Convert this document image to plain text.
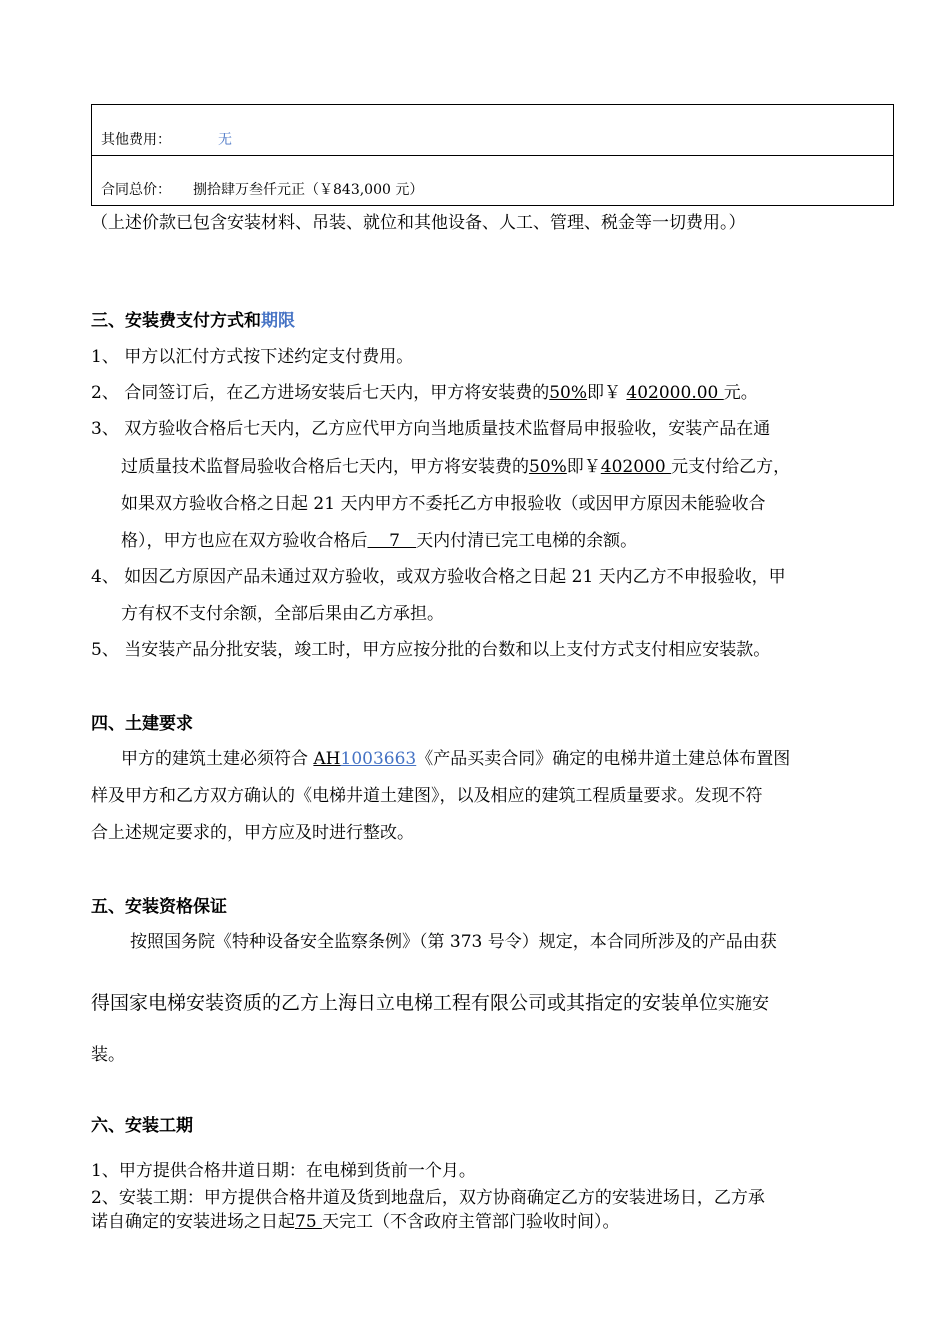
其他费用：	无
合同总价： 捌拾肆万叁仟元正（￥843,000 元）
（上述价款已包含安装材料、吊装、就位和其他设备、人工、管理、税金等一切费用。）
三、安装费支付方式和期限
1、 甲方以汇付方式按下述约定支付费用。
2、 合同签订后，在乙方进场安装后七天内，甲方将安装费的50%即￥ 402000.00 元。
3、 双方验收合格后七天内，乙方应代甲方向当地质量技术监督局申报验收，安装产品在通
过质量技术监督局验收合格后七天内，甲方将安装费的50%即￥402000 元支付给乙方，
如果双方验收合格之日起 21 天内甲方不委托乙方申报验收（或因甲方原因未能验收合
格），甲方也应在双方验收合格后    7   天内付清已完工电梯的余额。
4、 如因乙方原因产品未通过双方验收，或双方验收合格之日起 21 天内乙方不申报验收，甲
方有权不支付余额，全部后果由乙方承担。
5、 当安装产品分批安装，竣工时，甲方应按分批的台数和以上支付方式支付相应安装款。
四、土建要求
甲方的建筑土建必须符合 AH1003663《产品买卖合同》确定的电梯井道土建总体布置图
样及甲方和乙方双方确认的《电梯井道土建图》，以及相应的建筑工程质量要求。发现不符
合上述规定要求的，甲方应及时进行整改。
五、安装资格保证
按照国务院《特种设备安全监察条例》（第 373 号令）规定，本合同所涉及的产品由获
得国家电梯安装资质的乙方上海日立电梯工程有限公司或其指定的安装单位实施安
装。
六、安装工期
1、甲方提供合格井道日期：在电梯到货前一个月。
2、安装工期：甲方提供合格井道及货到地盘后，双方协商确定乙方的安装进场日，乙方承
诺自确定的安装进场之日起75 天完工（不含政府主管部门验收时间）。
